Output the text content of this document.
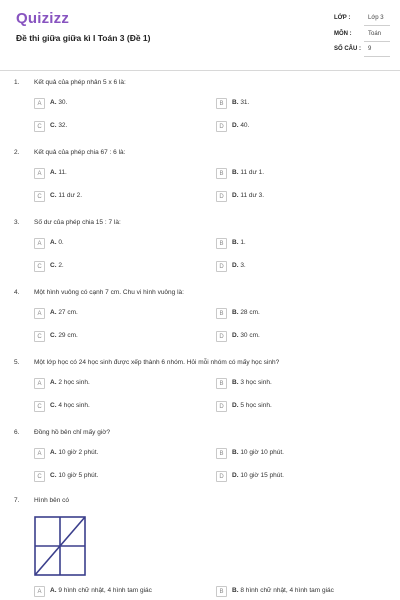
Quizizz
Đề thi giữa giữa kì I Toán 3 (Đề 1)
LỚP :	Lớp 3
MÔN :	Toán
SỐ CÂU : 9
1. Kết quả của phép nhân 5 x 6 là:
A	A. 30.	B	B. 31.
C	C. 32.	D	D. 40.
2. Kết quả của phép chia 67 : 6 là:
A	A. 11.	B	B. 11 dư 1.
C	C. 11 dư 2.	D	D. 11 dư 3.
3. Số dư của phép chia 15 : 7 là:
A	A. 0.	B	B. 1.
C	C. 2.	D	D. 3.
4. Một hình vuông có cạnh 7 cm. Chu vi hình vuông là:
A	A. 27 cm.	B	B. 28 cm.
C	C. 29 cm.	D	D. 30 cm.
5. Một lớp học có 24 học sinh được xếp thành 6 nhóm. Hỏi mỗi nhóm có mấy học sinh?
A	A. 2 học sinh.	B	B. 3 học sinh.
C	C. 4 học sinh.	D	D. 5 học sinh.
6. Đồng hồ bên chỉ mấy giờ?
A	A. 10 giờ 2 phút.	B	B. 10 giờ 10 phút.
C	C. 10 giờ 5 phút.	D	D. 10 giờ 15 phút.
7. Hình bên có
A	A. 9 hình chữ nhật, 4 hình tam giác	B	B. 8 hình chữ nhật, 4 hình tam giác
